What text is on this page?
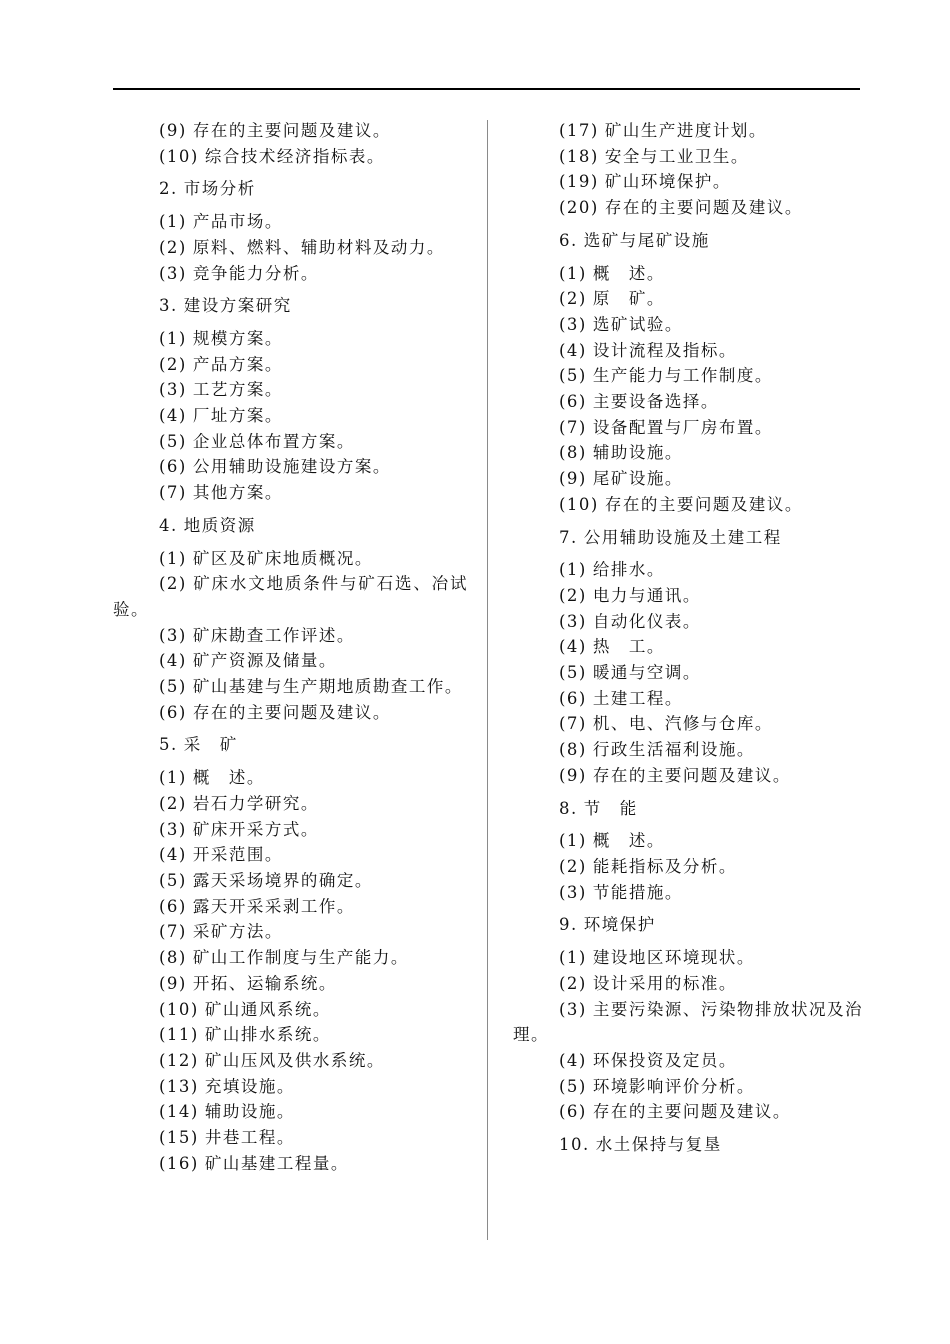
(9) 存在的主要问题及建议。
(10) 综合技术经济指标表。
2. 市场分析
(1) 产品市场。
(2) 原料、燃料、辅助材料及动力。
(3) 竞争能力分析。
3. 建设方案研究
(1) 规模方案。
(2) 产品方案。
(3) 工艺方案。
(4) 厂址方案。
(5) 企业总体布置方案。
(6) 公用辅助设施建设方案。
(7) 其他方案。
4. 地质资源
(1) 矿区及矿床地质概况。
(2) 矿床水文地质条件与矿石选、冶试验。
(3) 矿床勘查工作评述。
(4) 矿产资源及储量。
(5) 矿山基建与生产期地质勘查工作。
(6) 存在的主要问题及建议。
5. 采　矿
(1) 概　述。
(2) 岩石力学研究。
(3) 矿床开采方式。
(4) 开采范围。
(5) 露天采场境界的确定。
(6) 露天开采采剥工作。
(7) 采矿方法。
(8) 矿山工作制度与生产能力。
(9) 开拓、运输系统。
(10) 矿山通风系统。
(11) 矿山排水系统。
(12) 矿山压风及供水系统。
(13) 充填设施。
(14) 辅助设施。
(15) 井巷工程。
(16) 矿山基建工程量。
(17) 矿山生产进度计划。
(18) 安全与工业卫生。
(19) 矿山环境保护。
(20) 存在的主要问题及建议。
6. 选矿与尾矿设施
(1) 概　述。
(2) 原　矿。
(3) 选矿试验。
(4) 设计流程及指标。
(5) 生产能力与工作制度。
(6) 主要设备选择。
(7) 设备配置与厂房布置。
(8) 辅助设施。
(9) 尾矿设施。
(10) 存在的主要问题及建议。
7. 公用辅助设施及土建工程
(1) 给排水。
(2) 电力与通讯。
(3) 自动化仪表。
(4) 热　工。
(5) 暖通与空调。
(6) 土建工程。
(7) 机、电、汽修与仓库。
(8) 行政生活福利设施。
(9) 存在的主要问题及建议。
8. 节　能
(1) 概　述。
(2) 能耗指标及分析。
(3) 节能措施。
9. 环境保护
(1) 建设地区环境现状。
(2) 设计采用的标准。
(3) 主要污染源、污染物排放状况及治理。
(4) 环保投资及定员。
(5) 环境影响评价分析。
(6) 存在的主要问题及建议。
10. 水土保持与复垦
